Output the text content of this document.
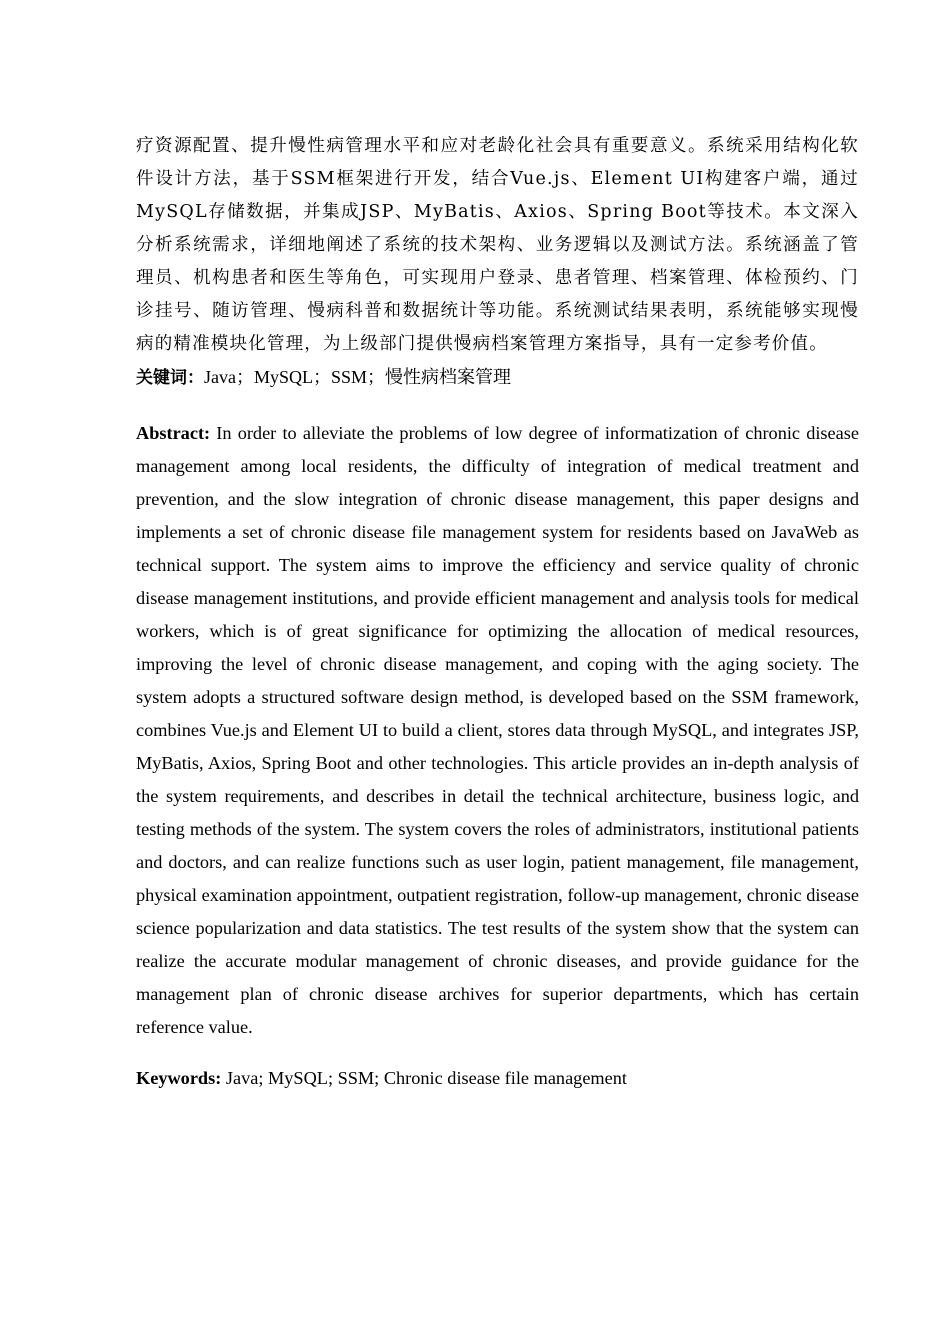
疗资源配置、提升慢性病管理水平和应对老龄化社会具有重要意义。系统采用结构化软件设计方法，基于SSM框架进行开发，结合Vue.js、Element UI构建客户端，通过MySQL存储数据，并集成JSP、MyBatis、Axios、Spring Boot等技术。本文深入分析系统需求，详细地阐述了系统的技术架构、业务逻辑以及测试方法。系统涵盖了管理员、机构患者和医生等角色，可实现用户登录、患者管理、档案管理、体检预约、门诊挂号、随访管理、慢病科普和数据统计等功能。系统测试结果表明，系统能够实现慢病的精准模块化管理，为上级部门提供慢病档案管理方案指导，具有一定参考价值。

关键词：Java；MySQL；SSM；慢性病档案管理

Abstract: In order to alleviate the problems of low degree of informatization of chronic disease management among local residents, the difficulty of integration of medical treatment and prevention, and the slow integration of chronic disease management, this paper designs and implements a set of chronic disease file management system for residents based on JavaWeb as technical support. The system aims to improve the efficiency and service quality of chronic disease management institutions, and provide efficient management and analysis tools for medical workers, which is of great significance for optimizing the allocation of medical resources, improving the level of chronic disease management, and coping with the aging society. The system adopts a structured software design method, is developed based on the SSM framework, combines Vue.js and Element UI to build a client, stores data through MySQL, and integrates JSP, MyBatis, Axios, Spring Boot and other technologies. This article provides an in-depth analysis of the system requirements, and describes in detail the technical architecture, business logic, and testing methods of the system. The system covers the roles of administrators, institutional patients and doctors, and can realize functions such as user login, patient management, file management, physical examination appointment, outpatient registration, follow-up management, chronic disease science popularization and data statistics. The test results of the system show that the system can realize the accurate modular management of chronic diseases, and provide guidance for the management plan of chronic disease archives for superior departments, which has certain reference value.

Keywords: Java; MySQL; SSM; Chronic disease file management
